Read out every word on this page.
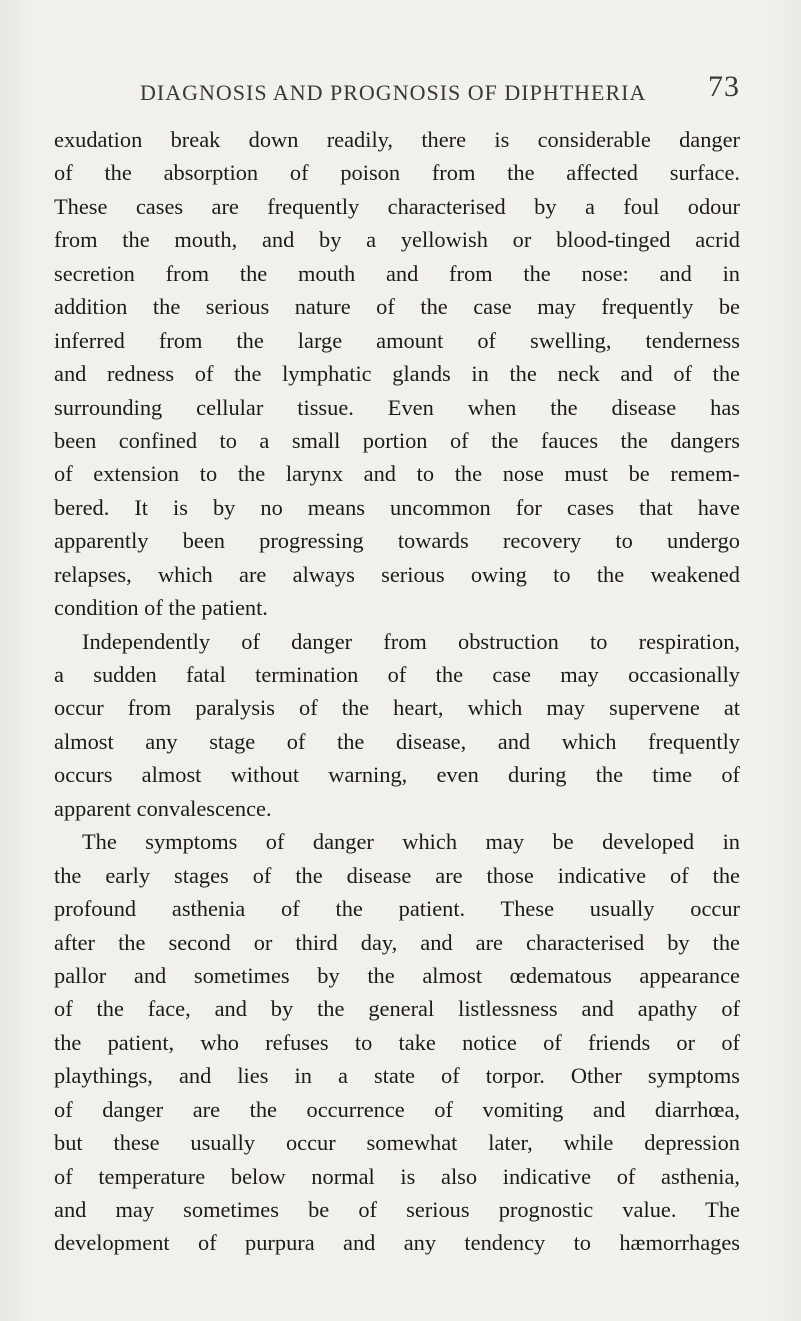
DIAGNOSIS AND PROGNOSIS OF DIPHTHERIA 73
exudation break down readily, there is considerable danger
of the absorption of poison from the affected surface.
These cases are frequently characterised by a foul odour
from the mouth, and by a yellowish or blood-tinged acrid
secretion from the mouth and from the nose: and in
addition the serious nature of the case may frequently be
inferred from the large amount of swelling, tenderness
and redness of the lymphatic glands in the neck and of the
surrounding cellular tissue. Even when the disease has
been confined to a small portion of the fauces the dangers
of extension to the larynx and to the nose must be remem-
bered. It is by no means uncommon for cases that have
apparently been progressing towards recovery to undergo
relapses, which are always serious owing to the weakened
condition of the patient.
Independently of danger from obstruction to respiration,
a sudden fatal termination of the case may occasionally
occur from paralysis of the heart, which may supervene at
almost any stage of the disease, and which frequently
occurs almost without warning, even during the time of
apparent convalescence.
The symptoms of danger which may be developed in
the early stages of the disease are those indicative of the
profound asthenia of the patient. These usually occur
after the second or third day, and are characterised by the
pallor and sometimes by the almost œdematous appearance
of the face, and by the general listlessness and apathy of
the patient, who refuses to take notice of friends or of
playthings, and lies in a state of torpor. Other symptoms
of danger are the occurrence of vomiting and diarrhœa,
but these usually occur somewhat later, while depression
of temperature below normal is also indicative of asthenia,
and may sometimes be of serious prognostic value. The
development of purpura and any tendency to hæmorrhages
